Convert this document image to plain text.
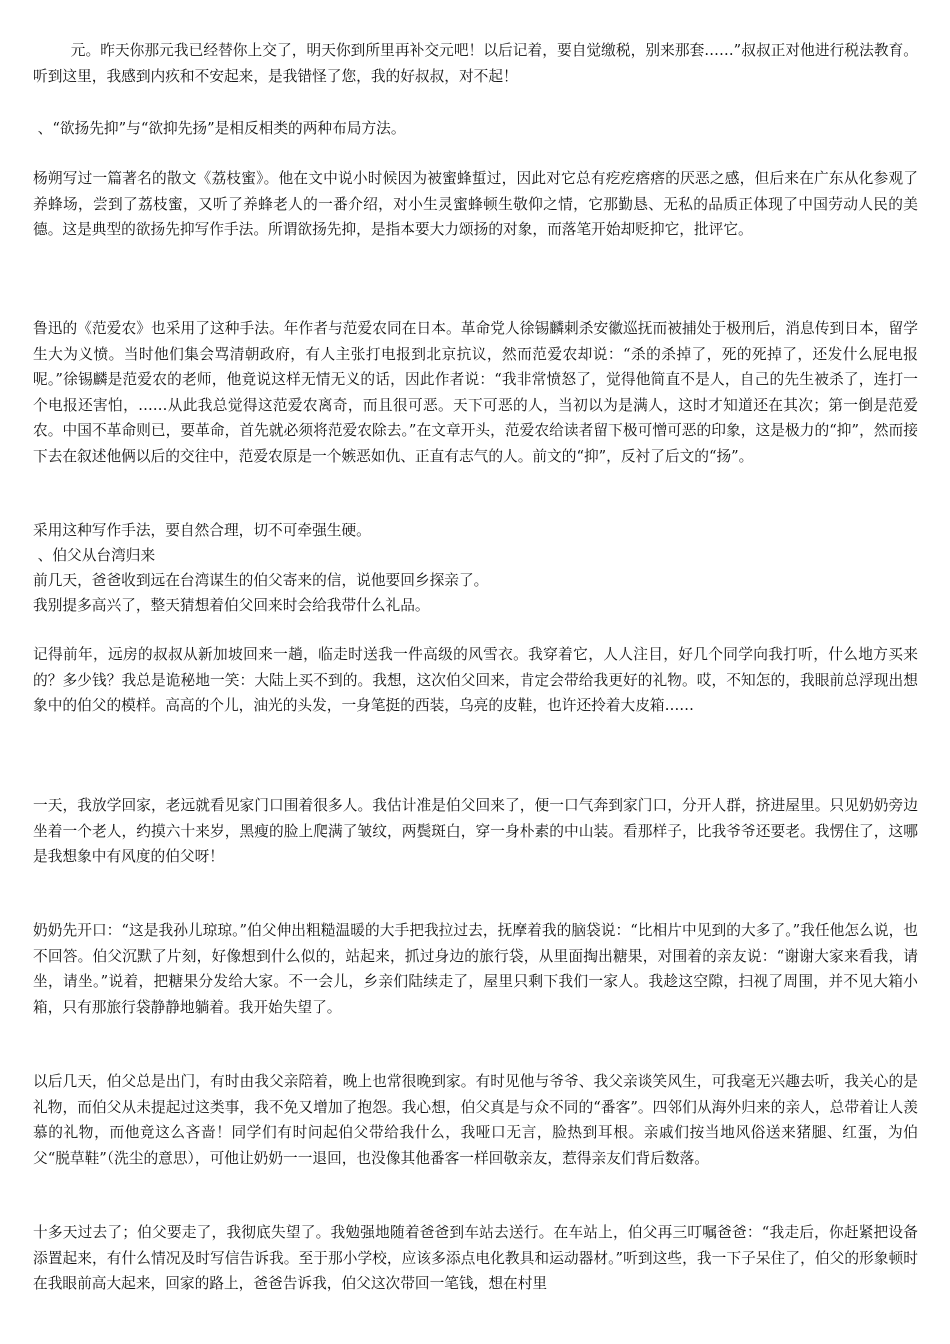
元。昨天你那元我已经替你上交了，明天你到所里再补交元吧！以后记着，要自觉缴税，别来那套……”叔叔正对他进行税法教育。听到这里，我感到内疚和不安起来，是我错怪了您，我的好叔叔，对不起！

、“欲扬先抑”与“欲抑先扬”是相反相类的两种布局方法。

杨朔写过一篇著名的散文《荔枝蜜》。他在文中说小时候因为被蜜蜂蜇过，因此对它总有疙疙瘩瘩的厌恶之感，但后来在广东从化参观了养蜂场，尝到了荔枝蜜，又听了养蜂老人的一番介绍，对小生灵蜜蜂顿生敬仰之情，它那勤恳、无私的品质正体现了中国劳动人民的美德。这是典型的欲扬先抑写作手法。所谓欲扬先抑，是指本要大力颂扬的对象，而落笔开始却贬抑它，批评它。

鲁迅的《范爱农》也采用了这种手法。年作者与范爱农同在日本。革命党人徐锡麟刺杀安徽巡抚而被捕处于极刑后，消息传到日本，留学生大为义愤。当时他们集会骂清朝政府，有人主张打电报到北京抗议，然而范爱农却说：“杀的杀掉了，死的死掉了，还发什么屁电报呢。”徐锡麟是范爱农的老师，他竟说这样无情无义的话，因此作者说：“我非常愤怒了，觉得他简直不是人，自己的先生被杀了，连打一个电报还害怕，……从此我总觉得这范爱农离奇，而且很可恶。天下可恶的人，当初以为是满人，这时才知道还在其次；第一倒是范爱农。中国不革命则已，要革命，首先就必须将范爱农除去。”在文章开头，范爱农给读者留下极可憎可恶的印象，这是极力的“抑”，然而接下去在叙述他俩以后的交往中，范爱农原是一个嫉恶如仇、正直有志气的人。前文的“抑”，反衬了后文的“扬”。

采用这种写作手法，要自然合理，切不可牵强生硬。

、伯父从台湾归来

前几天，爸爸收到远在台湾谋生的伯父寄来的信，说他要回乡探亲了。

我别提多高兴了，整天猜想着伯父回来时会给我带什么礼品。

记得前年，远房的叔叔从新加坡回来一趟，临走时送我一件高级的风雪衣。我穿着它，人人注目，好几个同学向我打听，什么地方买来的？多少钱？我总是诡秘地一笑：大陆上买不到的。我想，这次伯父回来，肯定会带给我更好的礼物。哎，不知怎的，我眼前总浮现出想象中的伯父的模样。高高的个儿，油光的头发，一身笔挺的西装，乌亮的皮鞋，也许还拎着大皮箱……

一天，我放学回家，老远就看见家门口围着很多人。我估计准是伯父回来了，便一口气奔到家门口，分开人群，挤进屋里。只见奶奶旁边坐着一个老人，约摸六十来岁，黑瘦的脸上爬满了皱纹，两鬓斑白，穿一身朴素的中山装。看那样子，比我爷爷还要老。我愣住了，这哪是我想象中有风度的伯父呀！

奶奶先开口：“这是我孙儿琼琼。”伯父伸出粗糙温暖的大手把我拉过去，抚摩着我的脑袋说：“比相片中见到的大多了。”我任他怎么说，也不回答。伯父沉默了片刻，好像想到什么似的，站起来，抓过身边的旅行袋，从里面掏出糖果，对围着的亲友说：“谢谢大家来看我，请坐，请坐。”说着，把糖果分发给大家。不一会儿，乡亲们陆续走了，屋里只剩下我们一家人。我趁这空隙，扫视了周围，并不见大箱小箱，只有那旅行袋静静地躺着。我开始失望了。

以后几天，伯父总是出门，有时由我父亲陪着，晚上也常很晚到家。有时见他与爷爷、我父亲谈笑风生，可我毫无兴趣去听，我关心的是礼物，而伯父从未提起过这类事，我不免又增加了抱怨。我心想，伯父真是与众不同的“番客”。四邻们从海外归来的亲人，总带着让人羡慕的礼物，而他竟这么吝啬！同学们有时问起伯父带给我什么，我哑口无言，脸热到耳根。亲戚们按当地风俗送来猪腿、红蛋，为伯父“脱草鞋”（洗尘的意思），可他让奶奶一一退回，也没像其他番客一样回敬亲友，惹得亲友们背后数落。

十多天过去了；伯父要走了，我彻底失望了。我勉强地随着爸爸到车站去送行。在车站上，伯父再三叮嘱爸爸：“我走后，你赶紧把设备添置起来，有什么情况及时写信告诉我。至于那小学校，应该多添点电化教具和运动器材。”听到这些，我一下子呆住了，伯父的形象顿时在我眼前高大起来，回家的路上，爸爸告诉我，伯父这次带回一笔钱，想在村里
